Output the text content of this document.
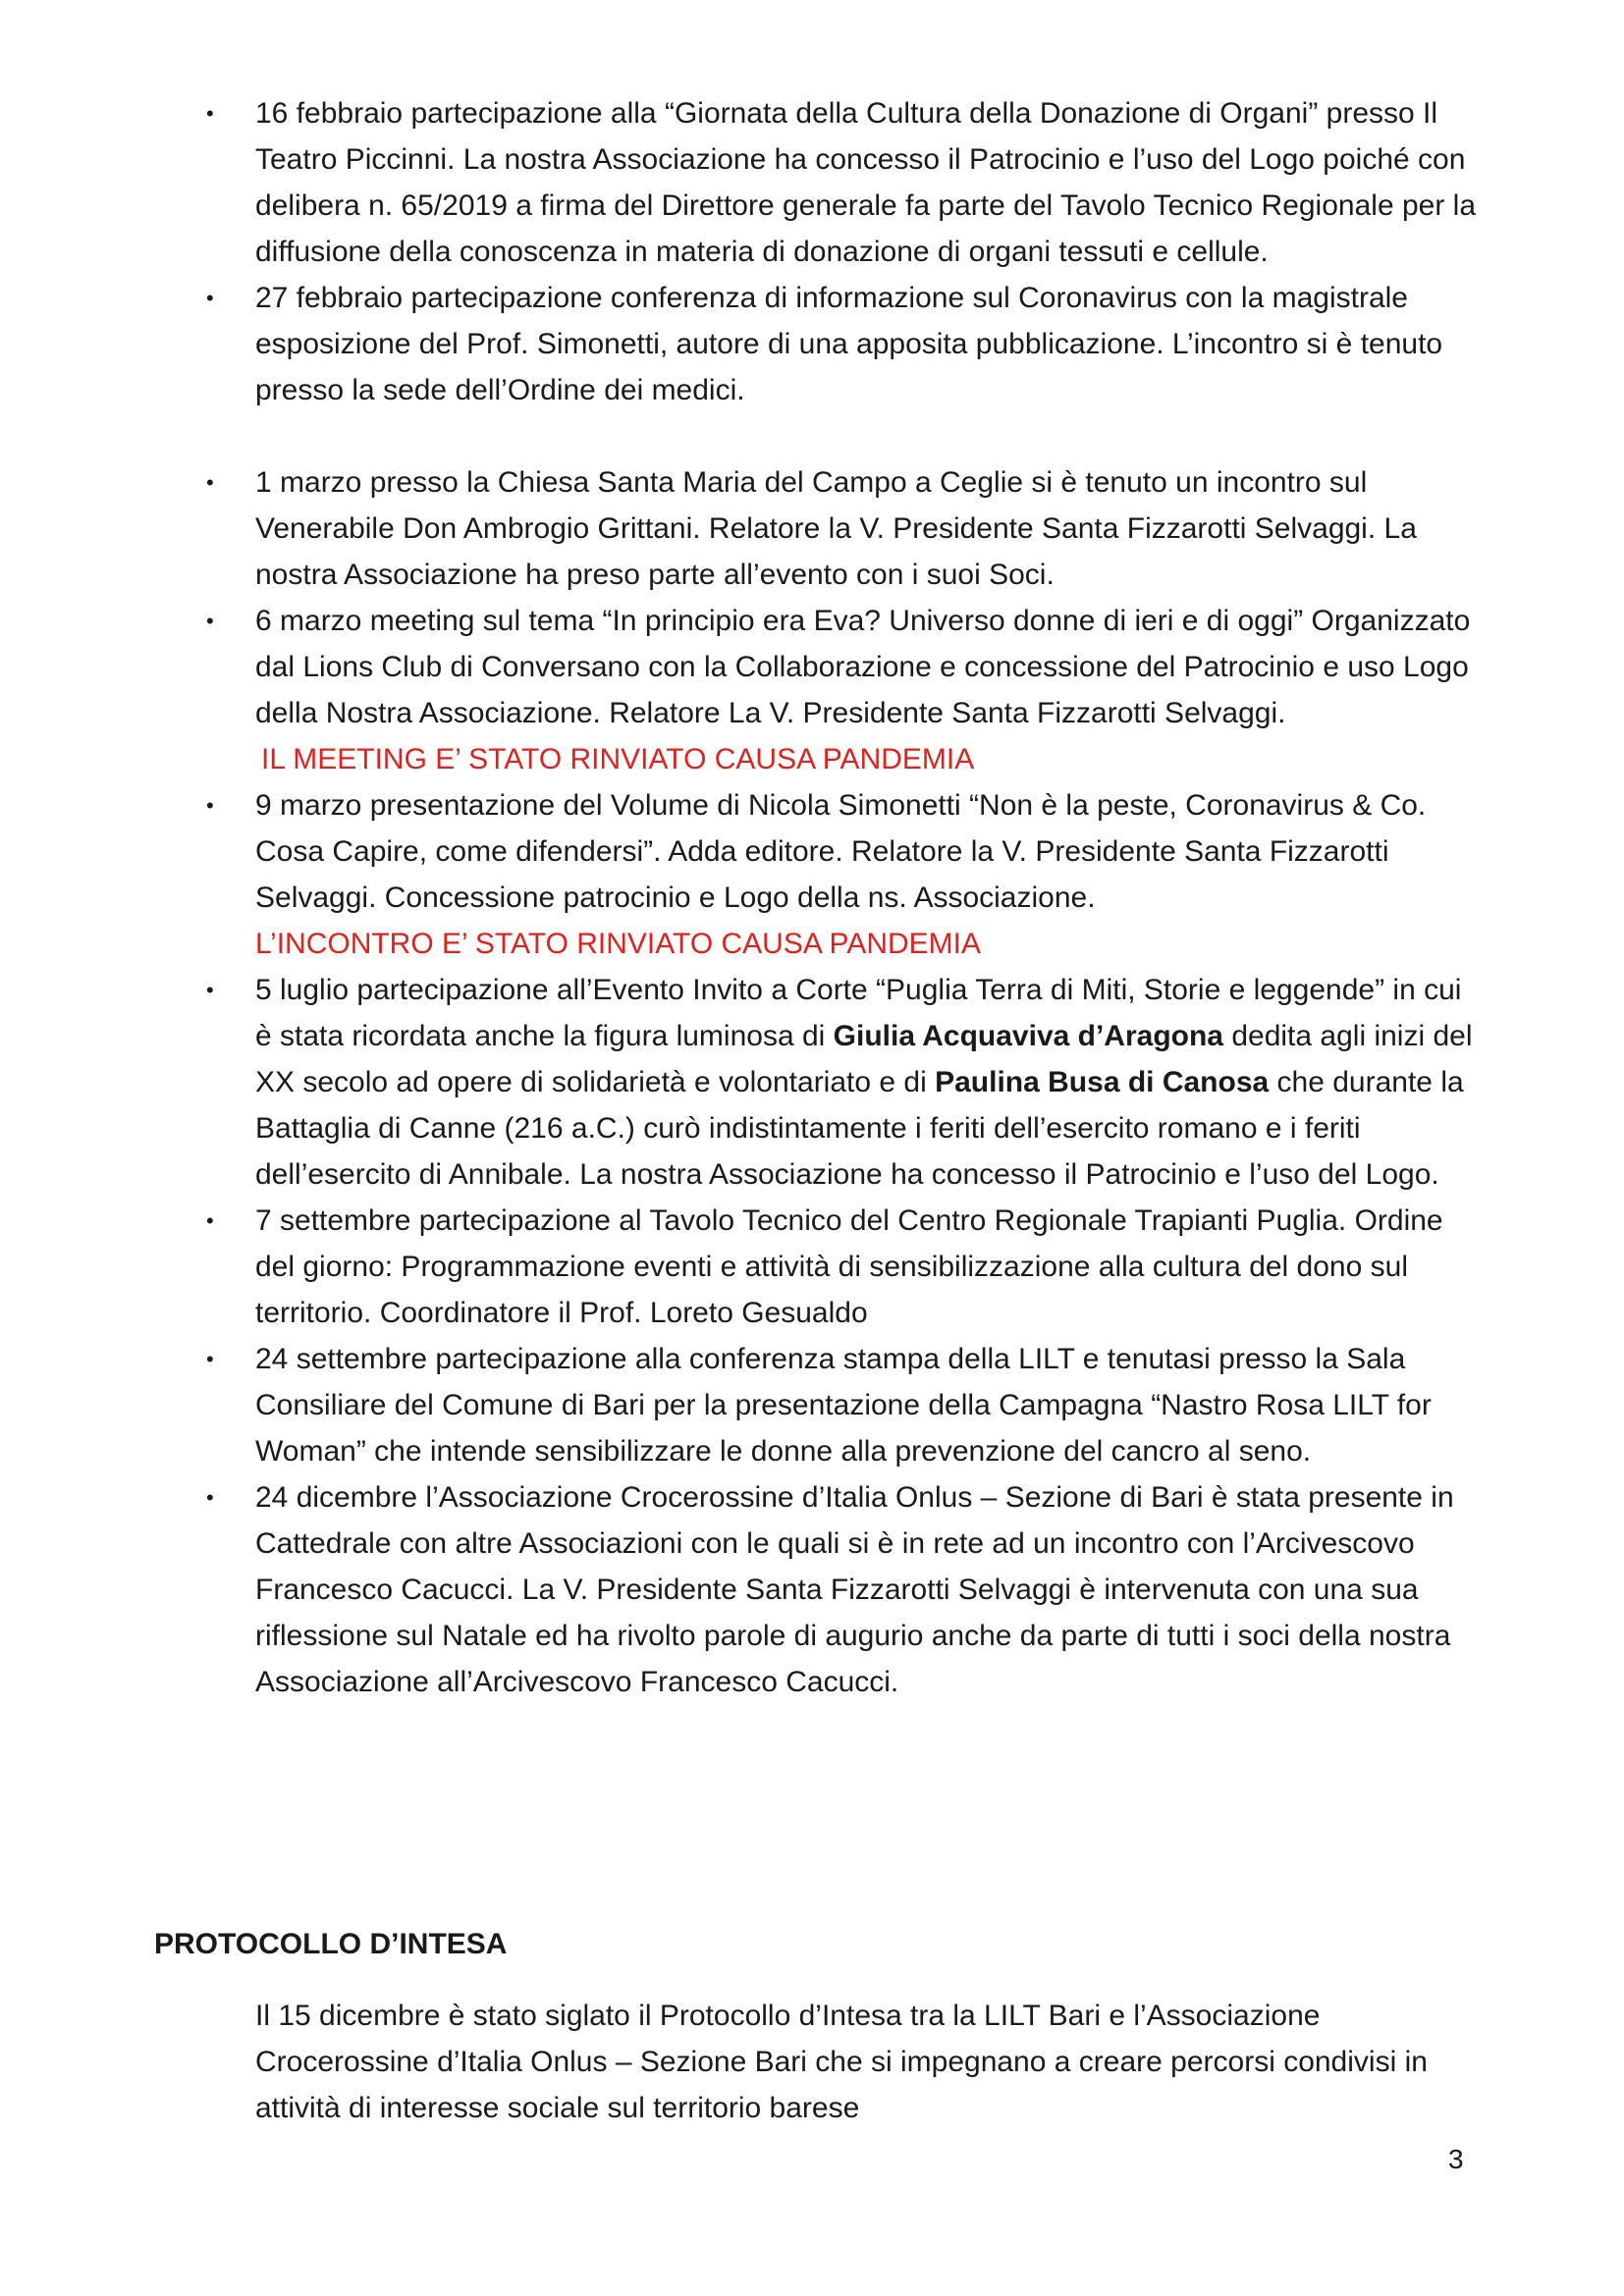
• 16 febbraio partecipazione alla “Giornata della Cultura della Donazione di Organi” presso Il Teatro Piccinni. La nostra Associazione ha concesso il Patrocinio e l’uso del Logo poiché con delibera n. 65/2019 a firma del Direttore generale fa parte del Tavolo Tecnico Regionale per la diffusione della conoscenza in materia di donazione di organi tessuti e cellule.
• 27 febbraio partecipazione conferenza di informazione sul Coronavirus con la magistrale esposizione del Prof. Simonetti, autore di una apposita pubblicazione. L’incontro si è tenuto presso la sede dell’Ordine dei medici.
• 1 marzo presso la Chiesa Santa Maria del Campo a Ceglie si è tenuto un incontro sul Venerabile Don Ambrogio Grittani. Relatore la V. Presidente Santa Fizzarotti Selvaggi. La nostra Associazione ha preso parte all’evento con i suoi Soci.
• 6 marzo meeting sul tema “In principio era Eva? Universo donne di ieri e di oggi” Organizzato dal Lions Club di Conversano con la Collaborazione e concessione del Patrocinio e uso Logo della Nostra Associazione. Relatore La V. Presidente Santa Fizzarotti Selvaggi.
IL MEETING E’ STATO RINVIATO CAUSA PANDEMIA
• 9 marzo presentazione del Volume di Nicola Simonetti “Non è la peste, Coronavirus & Co. Cosa Capire, come difendersi”. Adda editore. Relatore la V. Presidente Santa Fizzarotti Selvaggi. Concessione patrocinio e Logo della ns. Associazione.
L’INCONTRO E’ STATO RINVIATO CAUSA PANDEMIA
• 5 luglio partecipazione all’Evento Invito a Corte “Puglia Terra di Miti, Storie e leggende” in cui è stata ricordata anche la figura luminosa di Giulia Acquaviva d’Aragona dedita agli inizi del XX secolo ad opere di solidarietà e volontariato e di Paulina Busa di Canosa che durante la Battaglia di Canne (216 a.C.) curò indistintamente i feriti dell’esercito romano e i feriti dell’esercito di Annibale. La nostra Associazione ha concesso il Patrocinio e l’uso del Logo.
• 7 settembre partecipazione al Tavolo Tecnico del Centro Regionale Trapianti Puglia. Ordine del giorno: Programmazione eventi e attività di sensibilizzazione alla cultura del dono sul territorio. Coordinatore il Prof. Loreto Gesualdo
• 24 settembre partecipazione alla conferenza stampa della LILT e tenutasi presso la Sala Consiliare del Comune di Bari per la presentazione della Campagna “Nastro Rosa LILT for Woman” che intende sensibilizzare le donne alla prevenzione del cancro al seno.
• 24 dicembre l’Associazione Crocerossine d’Italia Onlus – Sezione di Bari è stata presente in Cattedrale con altre Associazioni con le quali si è in rete ad un incontro con l’Arcivescovo Francesco Cacucci. La V. Presidente Santa Fizzarotti Selvaggi è intervenuta con una sua riflessione sul Natale ed ha rivolto parole di augurio anche da parte di tutti i soci della nostra Associazione all’Arcivescovo Francesco Cacucci.
PROTOCOLLO D’INTESA

Il 15 dicembre è stato siglato il Protocollo d’Intesa tra la LILT Bari e l’Associazione Crocerossine d’Italia Onlus – Sezione Bari che si impegnano a creare percorsi condivisi in attività di interesse sociale sul territorio barese

3
